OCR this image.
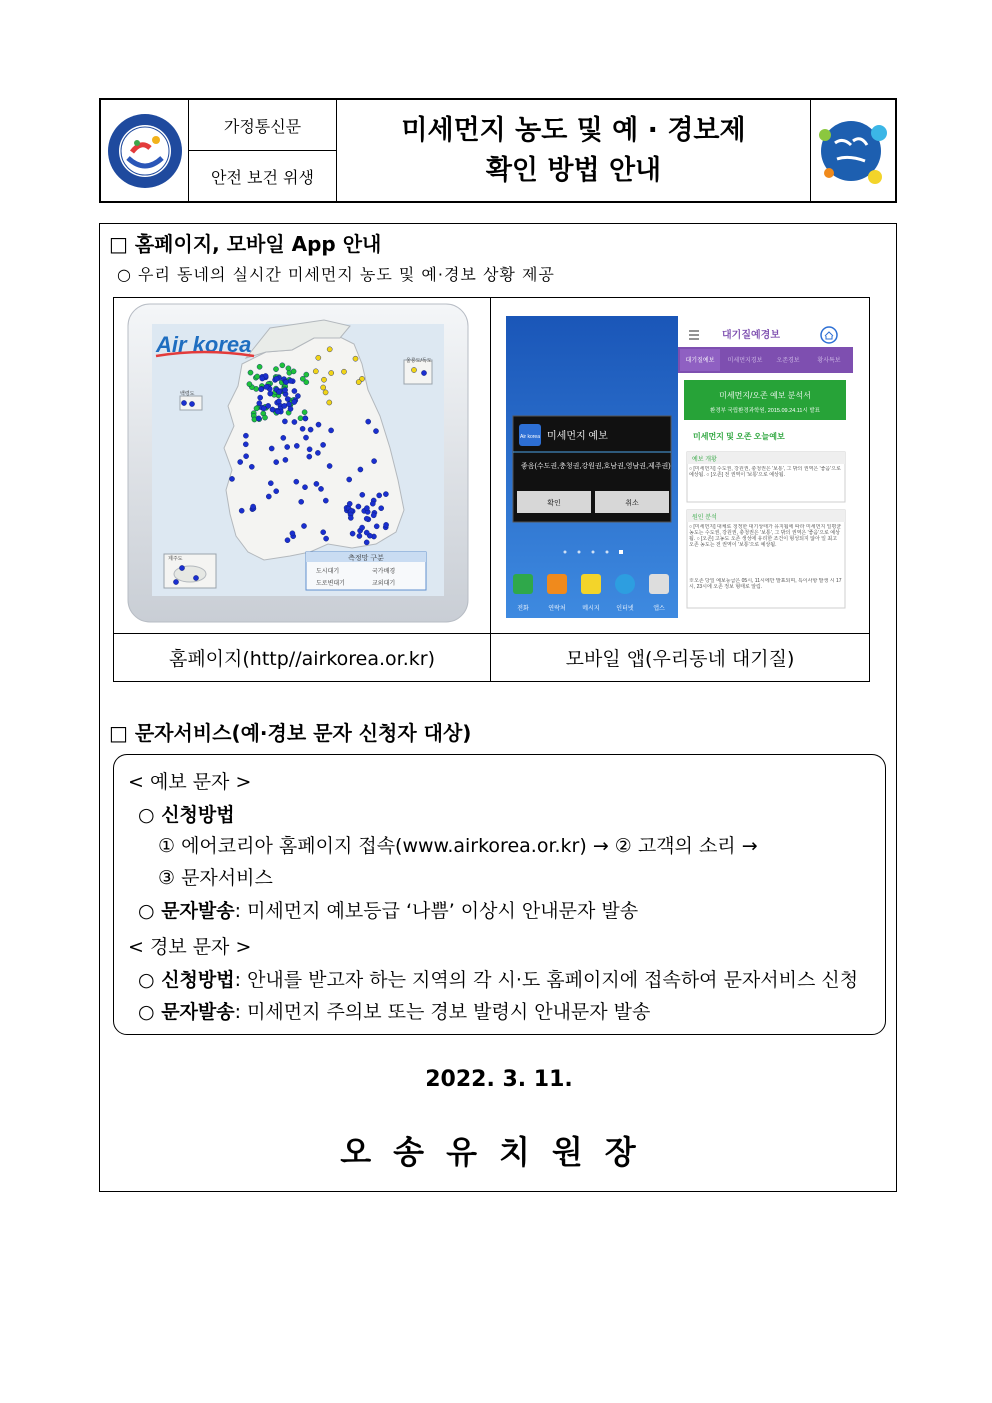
가정통신문
안전 보건 위생
미세먼지 농도 및 예 · 경보제
확인 방법 안내
□ 홈페이지, 모바일 App 안내
○ 우리 동네의 실시간 미세먼지 농도 및 예·경보 상황 제공
Air korea
측정망 구분
도시대기	국가배경
도로변대기	교외대기
울릉도/독도
백령도
제주도
Air korea 미세먼지 예보
좋음(수도권,충청권,강원권,호남권,영남권,제주권)
확인	취소
전화	연락처	메시지	인터넷	앱스
대기질예경보
대기질예보 미세먼지경보 오존경보	황사특보
미세먼지/오존 예보 분석서
환경부 국립환경과학원, 2015.09.24.11시 발표
미세먼지 및 오존 오늘예보
예보 개황
○ [미세먼지] 수도권, 강원권, 충청권은 '보통', 그 밖의 권역은 '좋음'으로 예상됨. ○ [오존] 전 권역이 '보통'으로 예상됨.
원인 분석
○ [미세먼지] 대체로 청정한 대기상태가 유지됨에 따라 미세먼지 일평균 농도는 수도권, 강원권, 충청권은 '보통', 그 밖의 권역은 '좋음'으로 예상됨. ○ [오존] 고농도 오존 생성에 유리한 조건이 형성되지 않아 일 최고 오존 농도는 전 권역이 '보통'으로 예상됨.
※오존 당일 예보등급은 05시, 11시에만 발표되며, 특이사항 발생 시 17시, 23시에 오존 정보 형태로 알림.
홈페이지(http//airkorea.or.kr)	모바일 앱(우리동네 대기질)
□ 문자서비스(예·경보 문자 신청자 대상)
< 예보 문자 >
○ 신청방법
① 에어코리아 홈페이지 접속(www.airkorea.or.kr) → ② 고객의 소리 →
③ 문자서비스
○ 문자발송: 미세먼지 예보등급 ‘나쁨’ 이상시 안내문자 발송
< 경보 문자 >
○ 신청방법: 안내를 받고자 하는 지역의 각 시·도 홈페이지에 접속하여 문자서비스 신청
○ 문자발송: 미세먼지 주의보 또는 경보 발령시 안내문자 발송
2022. 3. 11.
오송유치원장
